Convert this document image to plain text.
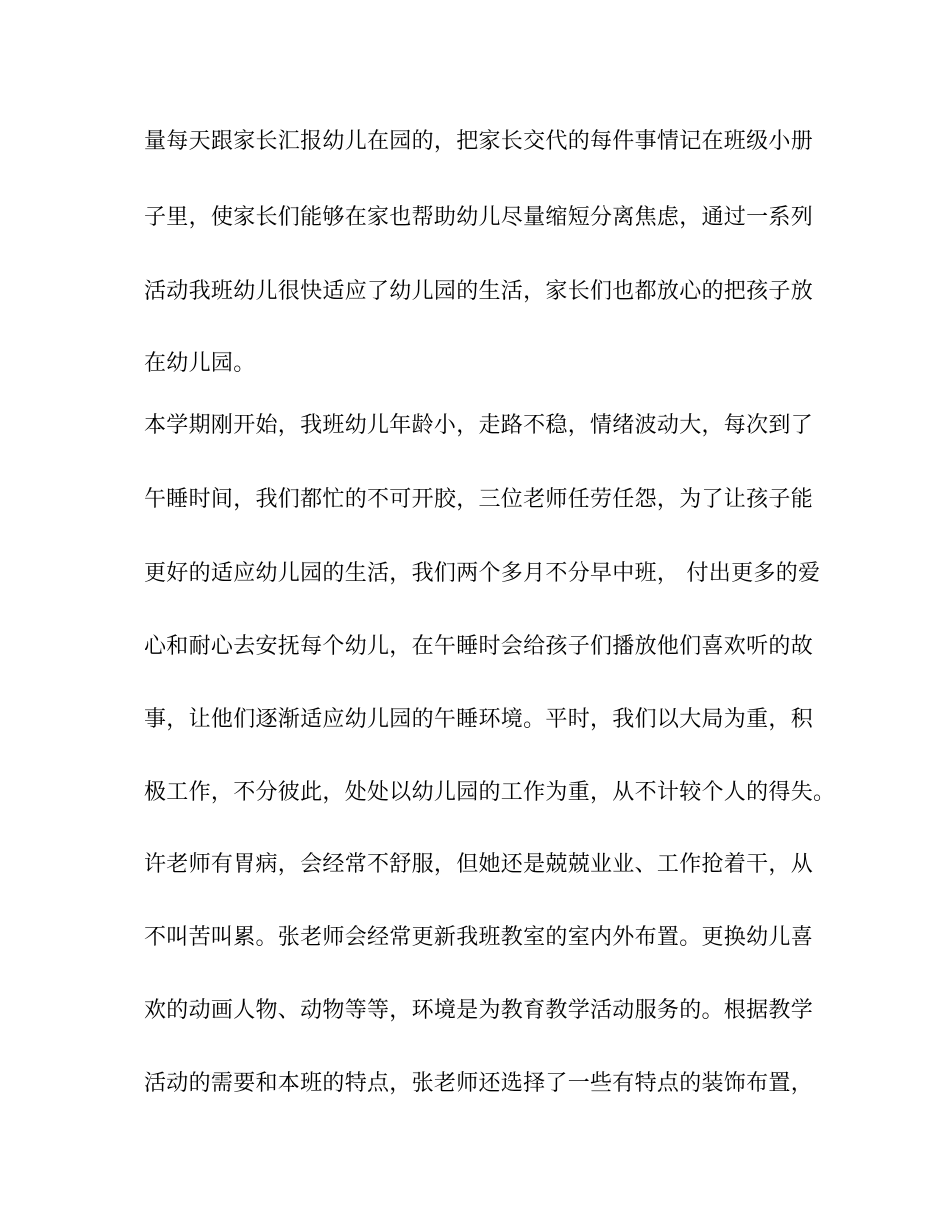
量每天跟家长汇报幼儿在园的，把家长交代的每件事情记在班级小册
子里，使家长们能够在家也帮助幼儿尽量缩短分离焦虑，通过一系列
活动我班幼儿很快适应了幼儿园的生活，家长们也都放心的把孩子放
在幼儿园。
本学期刚开始，我班幼儿年龄小，走路不稳，情绪波动大，每次到了
午睡时间，我们都忙的不可开胶，三位老师任劳任怨，为了让孩子能
更好的适应幼儿园的生活，我们两个多月不分早中班， 付出更多的爱
心和耐心去安抚每个幼儿，在午睡时会给孩子们播放他们喜欢听的故
事，让他们逐渐适应幼儿园的午睡环境。平时，我们以大局为重，积
极工作，不分彼此，处处以幼儿园的工作为重，从不计较个人的得失。
许老师有胃病，会经常不舒服，但她还是兢兢业业、工作抢着干，从
不叫苦叫累。张老师会经常更新我班教室的室内外布置。更换幼儿喜
欢的动画人物、动物等等，环境是为教育教学活动服务的。根据教学
活动的需要和本班的特点，张老师还选择了一些有特点的装饰布置，
